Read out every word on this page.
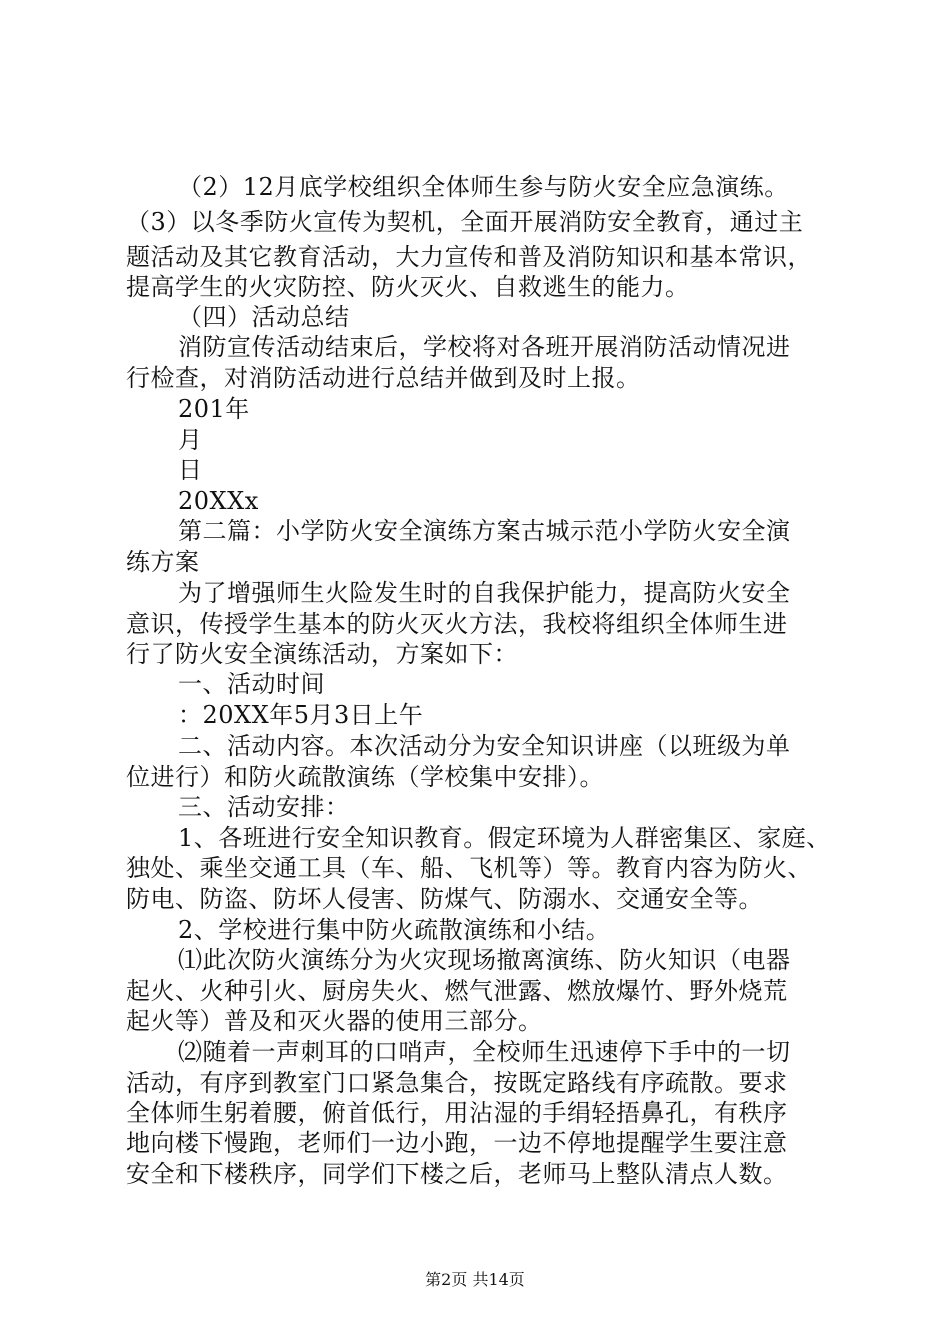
（2）12月底学校组织全体师生参与防火安全应急演练。
（3）以冬季防火宣传为契机，全面开展消防安全教育，通过主
题活动及其它教育活动，大力宣传和普及消防知识和基本常识，
提高学生的火灾防控、防火灭火、自救逃生的能力。
（四）活动总结
消防宣传活动结束后，学校将对各班开展消防活动情况进
行检查，对消防活动进行总结并做到及时上报。
201年
月
日
20XXx
第二篇：小学防火安全演练方案古城示范小学防火安全演
练方案
为了增强师生火险发生时的自我保护能力，提高防火安全
意识，传授学生基本的防火灭火方法，我校将组织全体师生进
行了防火安全演练活动，方案如下：
一、活动时间
：20XX年5月3日上午
二、活动内容。本次活动分为安全知识讲座（以班级为单
位进行）和防火疏散演练（学校集中安排）。
三、活动安排：
1、各班进行安全知识教育。假定环境为人群密集区、家庭、
独处、乘坐交通工具（车、船、飞机等）等。教育内容为防火、
防电、防盗、防坏人侵害、防煤气、防溺水、交通安全等。
2、学校进行集中防火疏散演练和小结。
⑴此次防火演练分为火灾现场撤离演练、防火知识（电器
起火、火种引火、厨房失火、燃气泄露、燃放爆竹、野外烧荒
起火等）普及和灭火器的使用三部分。
⑵随着一声刺耳的口哨声，全校师生迅速停下手中的一切
活动，有序到教室门口紧急集合，按既定路线有序疏散。要求
全体师生躬着腰，俯首低行，用沾湿的手绢轻捂鼻孔，有秩序
地向楼下慢跑，老师们一边小跑，一边不停地提醒学生要注意
安全和下楼秩序，同学们下楼之后，老师马上整队清点人数。
第2页 共14页
